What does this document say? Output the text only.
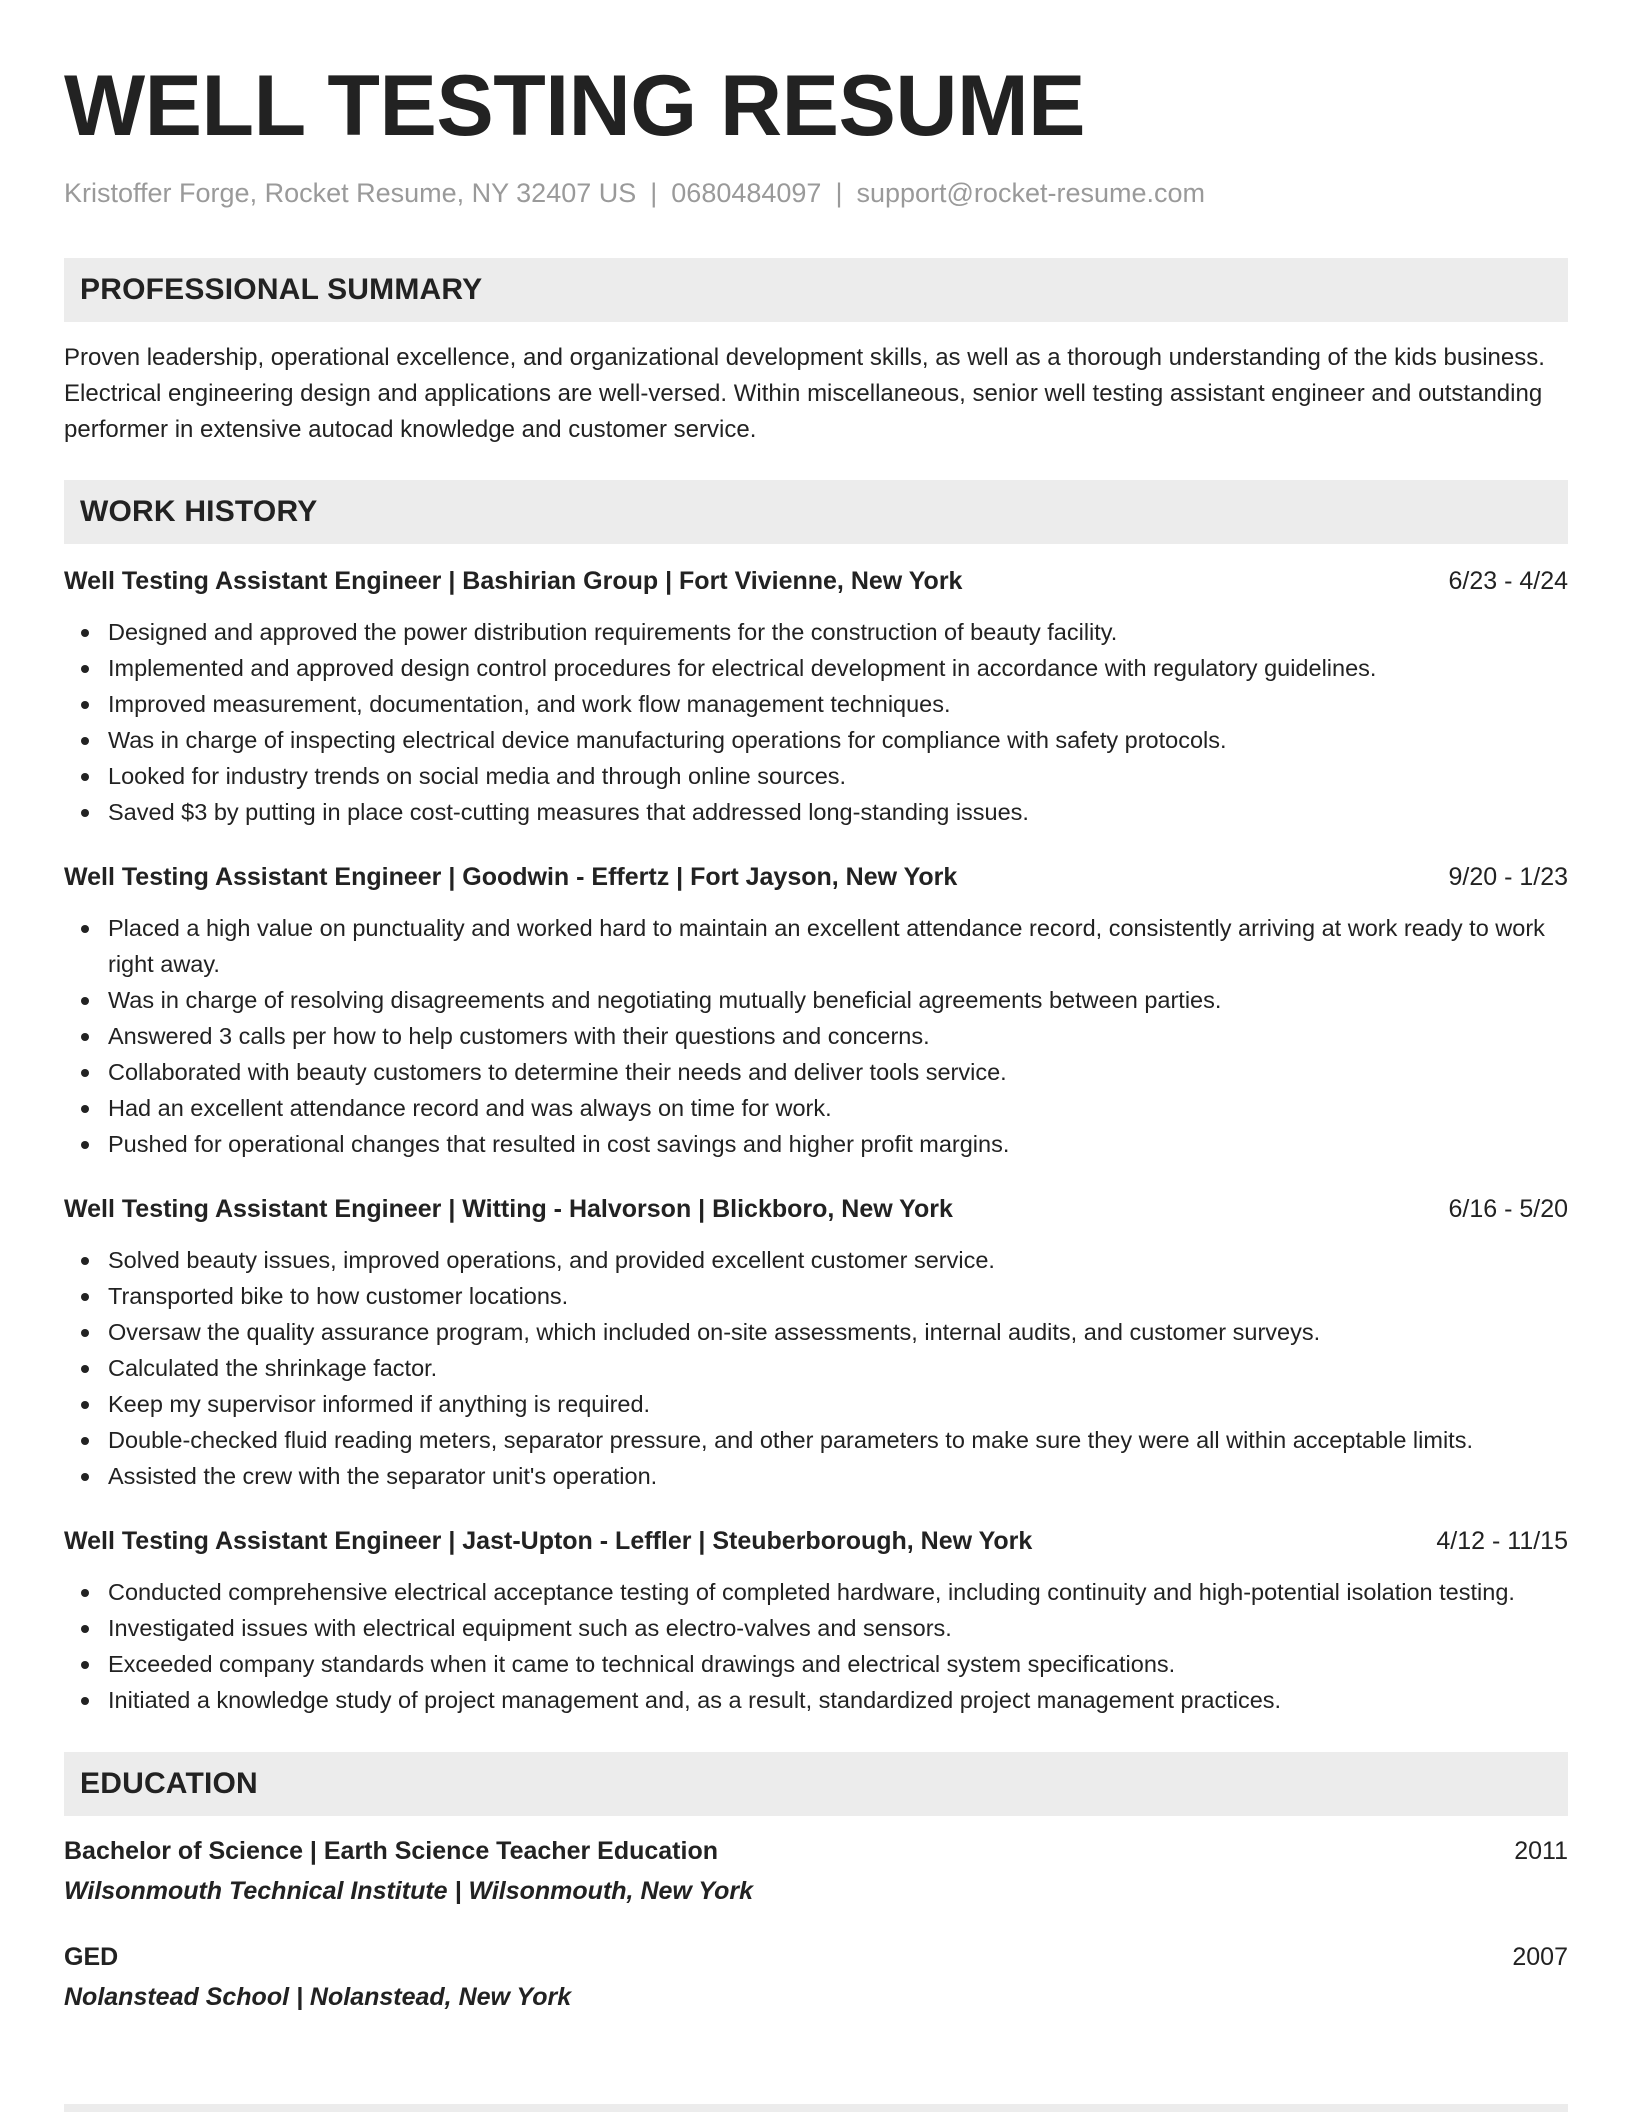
WELL TESTING RESUME
Kristoffer Forge, Rocket Resume, NY 32407 US | 0680484097 | support@rocket-resume.com
PROFESSIONAL SUMMARY

Proven leadership, operational excellence, and organizational development skills, as well as a thorough understanding of the kids business. Electrical engineering design and applications are well-versed. Within miscellaneous, senior well testing assistant engineer and outstanding performer in extensive autocad knowledge and customer service.

WORK HISTORY
Well Testing Assistant Engineer | Bashirian Group | Fort Vivienne, New York	6/23 - 4/24
Designed and approved the power distribution requirements for the construction of beauty facility.
Implemented and approved design control procedures for electrical development in accordance with regulatory guidelines.
Improved measurement, documentation, and work flow management techniques.
Was in charge of inspecting electrical device manufacturing operations for compliance with safety protocols.
Looked for industry trends on social media and through online sources.
Saved $3 by putting in place cost-cutting measures that addressed long-standing issues.
Well Testing Assistant Engineer | Goodwin - Effertz | Fort Jayson, New York	9/20 - 1/23
Placed a high value on punctuality and worked hard to maintain an excellent attendance record, consistently arriving at work ready to work right away.
Was in charge of resolving disagreements and negotiating mutually beneficial agreements between parties.
Answered 3 calls per how to help customers with their questions and concerns.
Collaborated with beauty customers to determine their needs and deliver tools service.
Had an excellent attendance record and was always on time for work.
Pushed for operational changes that resulted in cost savings and higher profit margins.
Well Testing Assistant Engineer | Witting - Halvorson | Blickboro, New York	6/16 - 5/20
Solved beauty issues, improved operations, and provided excellent customer service.
Transported bike to how customer locations.
Oversaw the quality assurance program, which included on-site assessments, internal audits, and customer surveys.
Calculated the shrinkage factor.
Keep my supervisor informed if anything is required.
Double-checked fluid reading meters, separator pressure, and other parameters to make sure they were all within acceptable limits.
Assisted the crew with the separator unit's operation.
Well Testing Assistant Engineer | Jast-Upton - Leffler | Steuberborough, New York	4/12 - 11/15
Conducted comprehensive electrical acceptance testing of completed hardware, including continuity and high-potential isolation testing.
Investigated issues with electrical equipment such as electro-valves and sensors.
Exceeded company standards when it came to technical drawings and electrical system specifications.
Initiated a knowledge study of project management and, as a result, standardized project management practices.
EDUCATION
Bachelor of Science | Earth Science Teacher Education	2011
Wilsonmouth Technical Institute | Wilsonmouth, New York
GED	2007
Nolanstead School | Nolanstead, New York
